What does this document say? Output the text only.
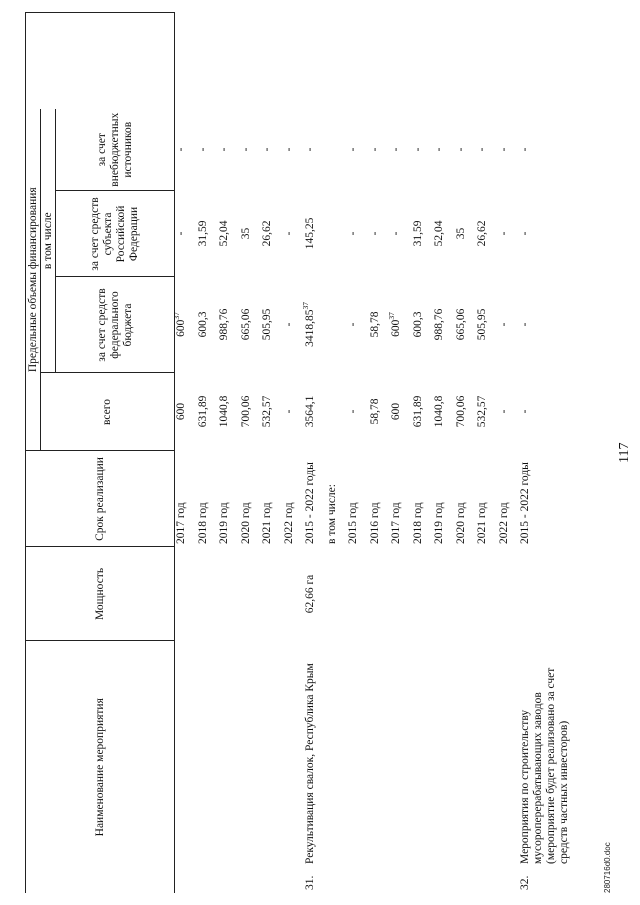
Наименование мероприятия		Мощность	Срок реализации	Предельные объемы финансирования				
				всего	в том числе			
					за счет средств федерального бюджета	за счет средств субъекта Российской Федерации	за счет внебюджетных источников	
			2017 год	600	$600^{37}$	-	-	
			2018 год	631,89	600,3	31,59	-	
			2019 год	1040,8	988,76	52,04	-	
			2020 год	700,06	665,06	35	-	
			2021 год	532,57	505,95	26,62	-	
			2022 год	-	-	-	-	
31.	Рекультивация свалок, Республика Крым	62,66 га	2015 - 2022 годы	3564,1	3418,85$^{37}$	145,25	-	
			в том числе:					
			2015 год	-	-	-	-	
			2016 год	58,78	58,78	-	-	
			2017 год	600	$600^{37}$	-	-	
			2018 год	631,89	600,3	31,59	-	
			2019 год	1040,8	988,76	52,04	-	
			2020 год	700,06	665,06	35	-	
			2021 год	532,57	505,95	26,62	-	
			2022 год	-	-	-	-	
32.	Мероприятия по строительству мусороперерабатывающих заводов (мероприятие будет реализовано за счет средств частных инвесторов)		2015 - 2022 годы	-	-	-	-	
117
280716d0.doc
